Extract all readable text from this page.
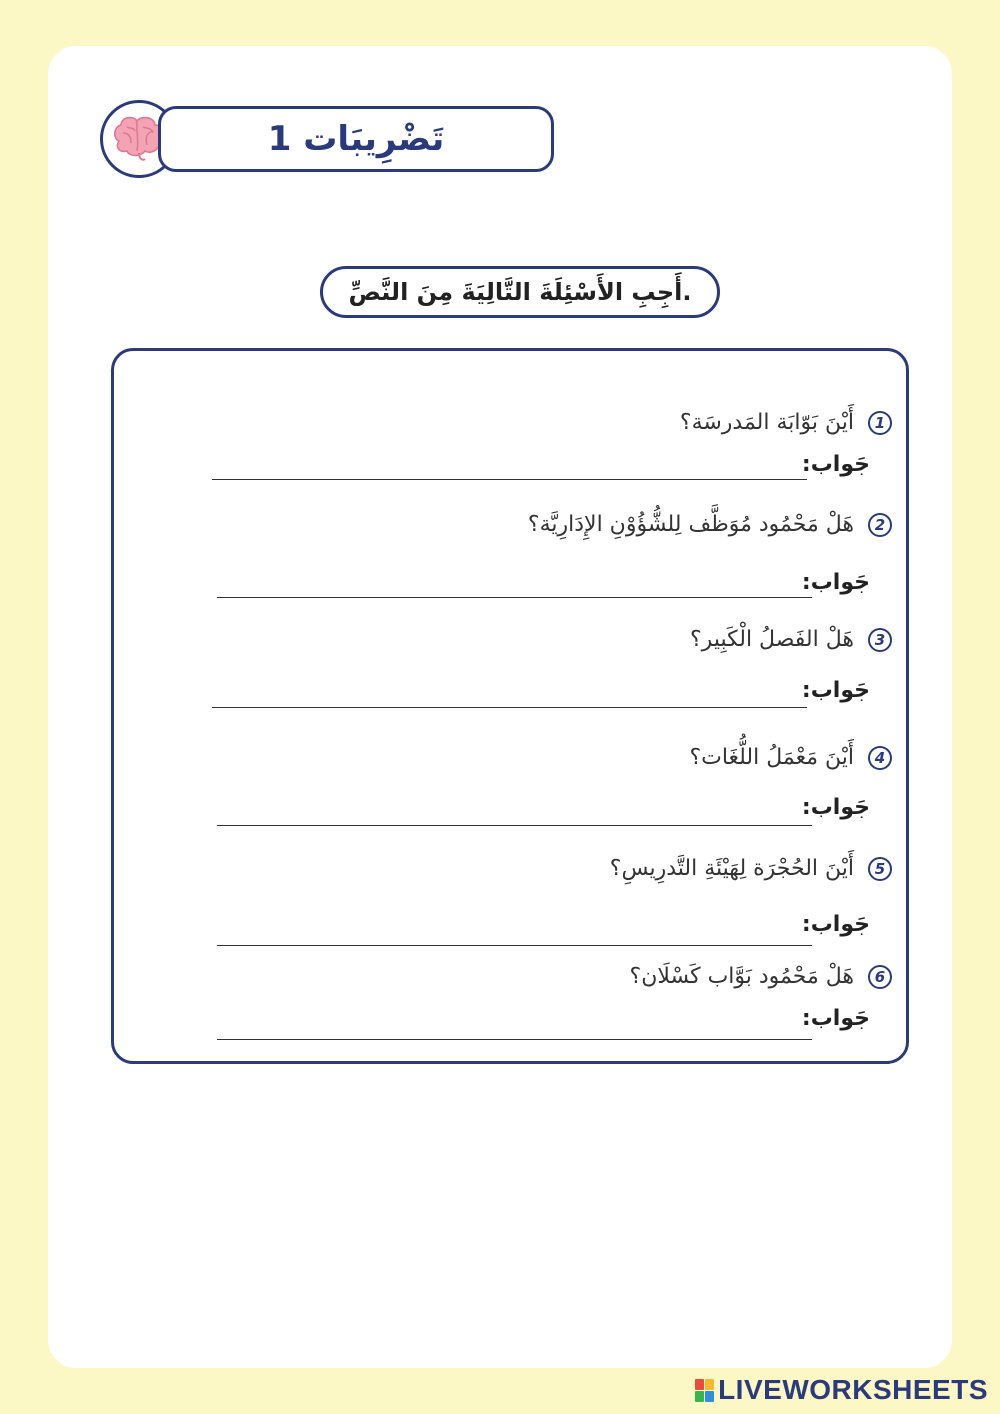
تَضْرِيبَات 1
.أَجِبِ الأَسْئِلَةَ التَّالِيَةَ مِنَ النَّصِّ
1
أَيْنَ بَوّابَة المَدرسَة؟
جَواب:
2
هَلْ مَحْمُود مُوَظَّف لِلشُّؤُوْنِ الإِدَارِيَّة؟
جَواب:
3
هَلْ الفَصلُ الْكَبِير؟
جَواب:
4
أَيْنَ مَعْمَلُ اللُّغَات؟
جَواب:
5
أَيْنَ الحُجْرَة لِهَيْئَةِ التَّدرِيسِ؟
جَواب:
6
هَلْ مَحْمُود بَوَّاب كَسْلَان؟
جَواب:
LIVEWORKSHEETS
